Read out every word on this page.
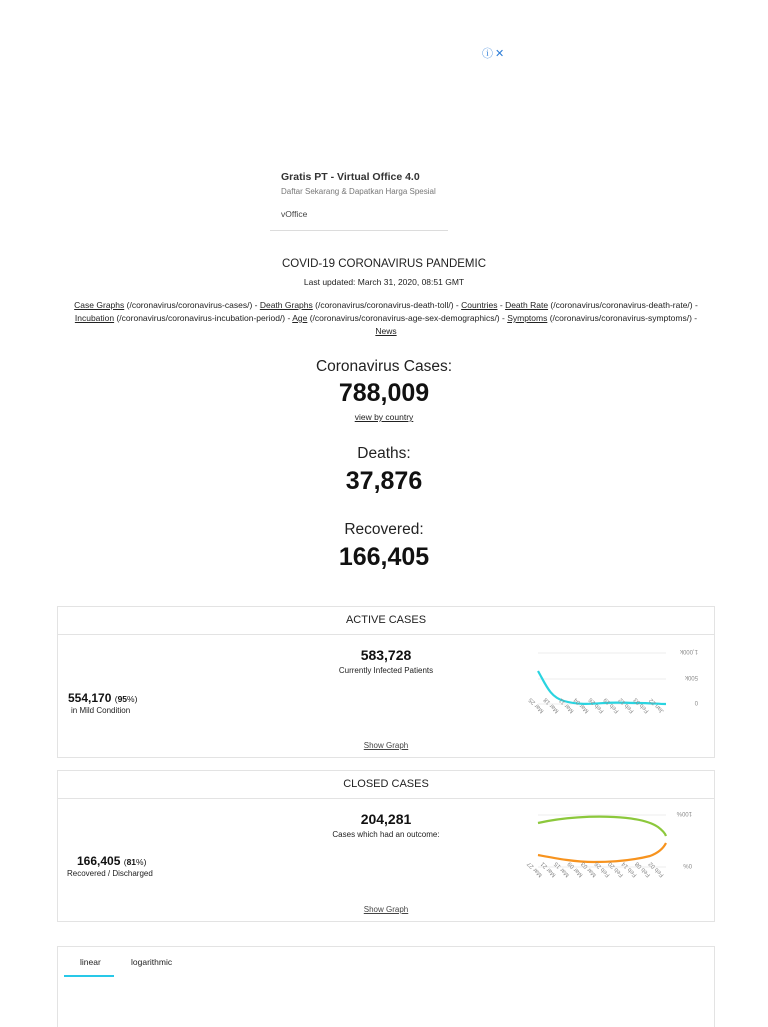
ⓘ ✕
Gratis PT - Virtual Office 4.0
Daftar Sekarang & Dapatkan Harga Spesial
vOffice
COVID-19 CORONAVIRUS PANDEMIC
Last updated: March 31, 2020, 08:51 GMT
Case Graphs (/coronavirus/coronavirus-cases/) - Death Graphs (/coronavirus/coronavirus-death-toll/) - Countries - Death Rate (/coronavirus/coronavirus-death-rate/) -
Incubation (/coronavirus/coronavirus-incubation-period/) - Age (/coronavirus/coronavirus-age-sex-demographics/) - Symptoms (/coronavirus/coronavirus-symptoms/) -
News
Coronavirus Cases:
788,009
view by country
Deaths:
37,876
Recovered:
166,405
ACTIVE CASES
583,728
Currently Infected Patients
554,170 (95%)
in Mild Condition
1,000k
500k
0
Jan 22
Feb 03
Feb 12
Feb 19
Feb 26
Mar 04
Mar 11
Mar 18
Mar 25
Show Graph
CLOSED CASES
204,281
Cases which had an outcome:
166,405 (81%)
Recovered / Discharged
100%
0%
Feb 02
Feb 08
Feb 14
Feb 20
Feb 26
Mar 03
Mar 09
Mar 15
Mar 21
Mar 27
Show Graph
linear	logarithmic
